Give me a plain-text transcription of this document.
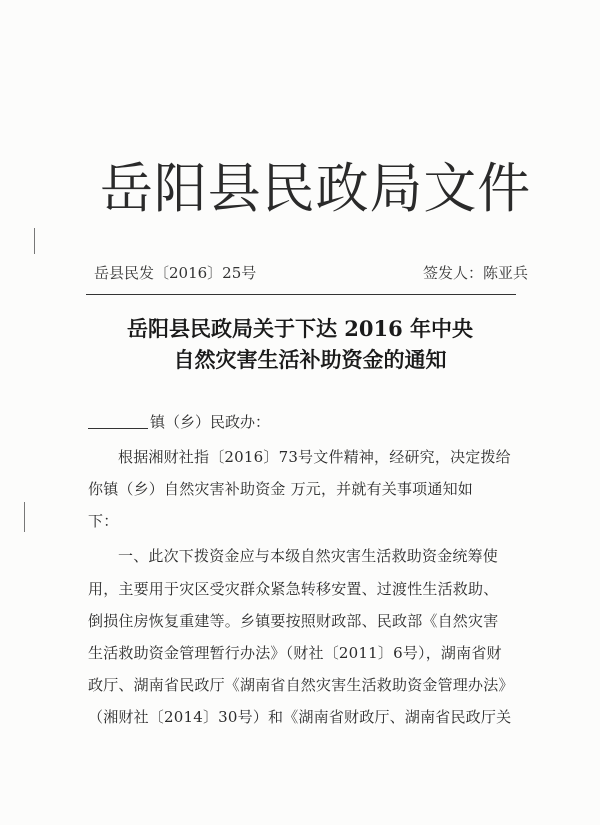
岳阳县民政局文件
岳县民发〔2016〕25号	签发人：陈亚兵
岳阳县民政局关于下达 2016 年中央
自然灾害生活补助资金的通知
镇（乡）民政办：
根据湘财社指〔2016〕73号文件精神，经研究，决定拨给
你镇（乡）自然灾害补助资金 万元，并就有关事项通知如
下：
一、此次下拨资金应与本级自然灾害生活救助资金统筹使
用，主要用于灾区受灾群众紧急转移安置、过渡性生活救助、
倒损住房恢复重建等。乡镇要按照财政部、民政部《自然灾害
生活救助资金管理暂行办法》（财社〔2011〕6号），湖南省财
政厅、湖南省民政厅《湖南省自然灾害生活救助资金管理办法》
（湘财社〔2014〕30号）和《湖南省财政厅、湖南省民政厅关
